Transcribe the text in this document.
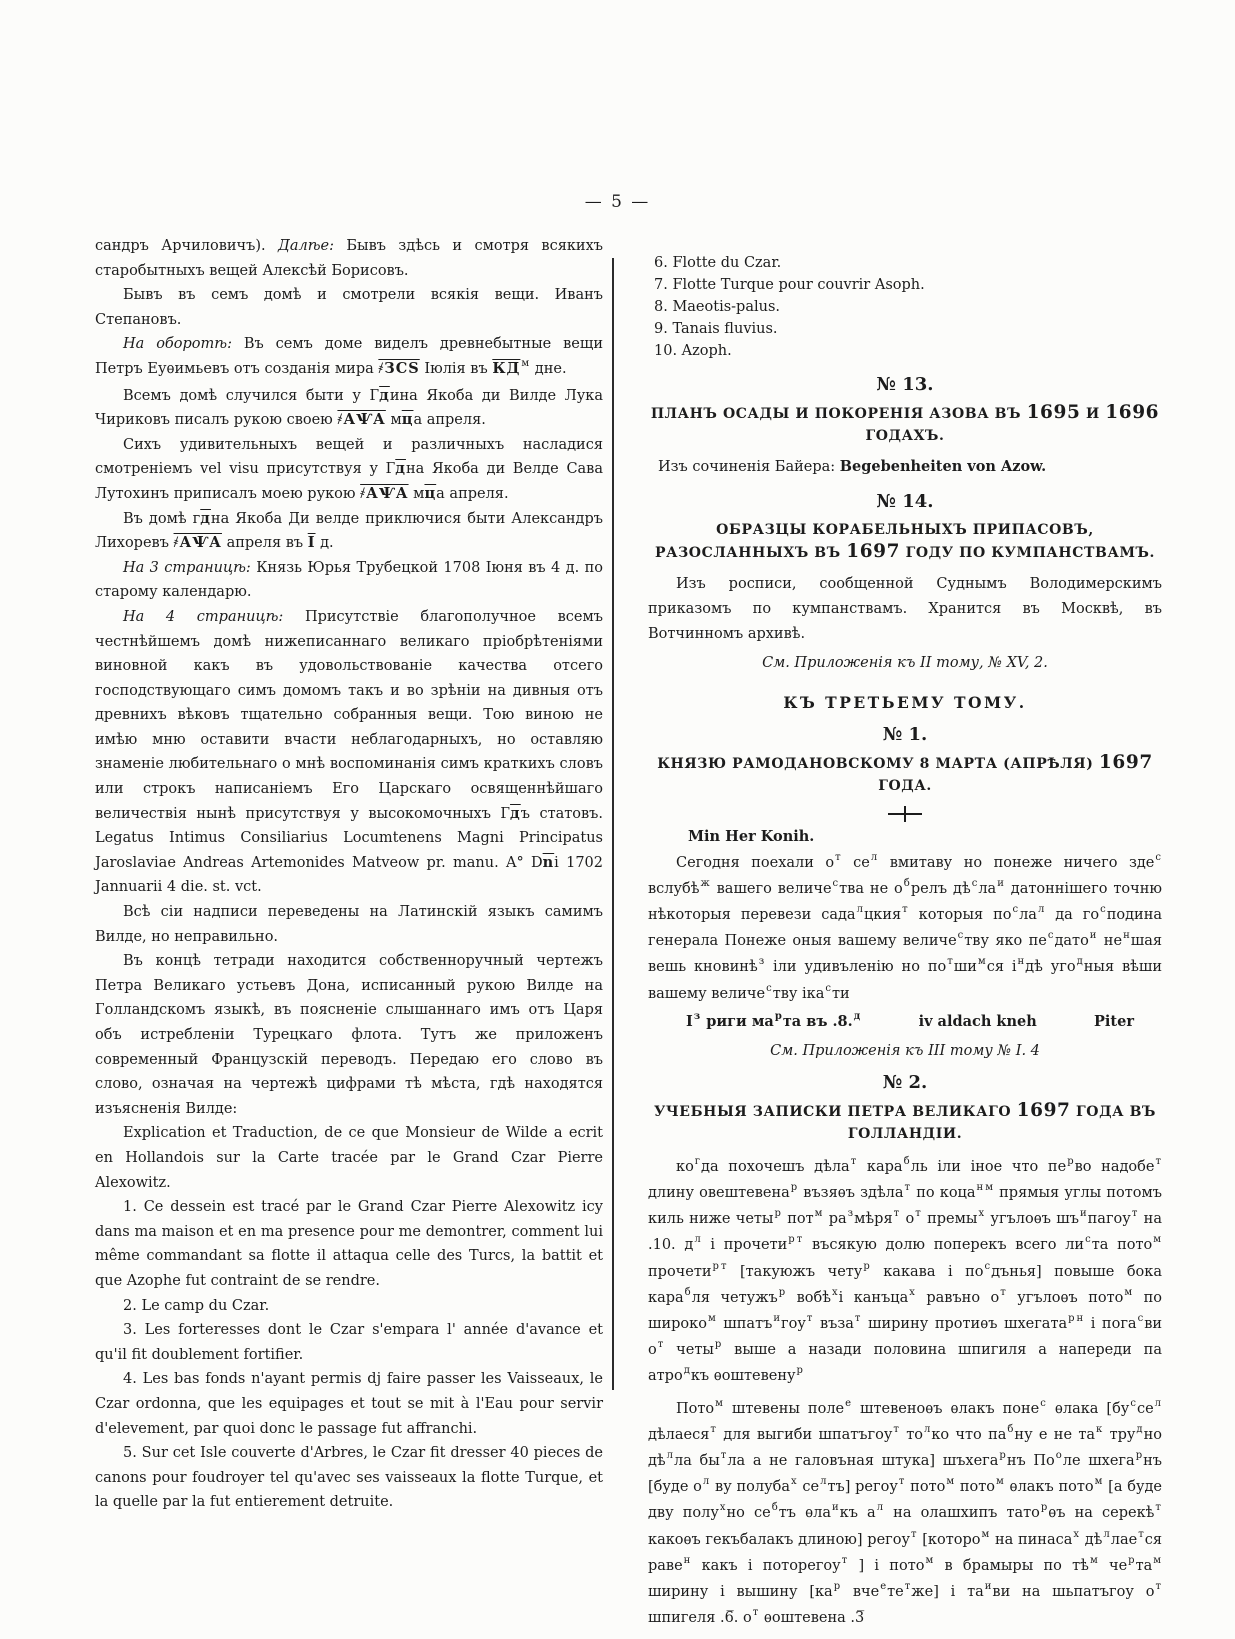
— 5 —

сандръ Арчиловичъ). Далѣе: Бывъ здѣсь и смотря всякихъ старобытныхъ вещей Алексѣй Борисовъ.

Бывъ въ семъ домѣ и смотрели всякія вещи. Иванъ Степановъ.

На оборотѣ: Въ семъ доме виделъ древнебытные вещи Петръ Еуѳимьевъ отъ созданія мира ҂ЗСЅ Іюлія въ $КД^м$ дне.

Всемъ домѣ случился быти у Гдина Якоба ди Вилде Лука Чириковъ писалъ рукою своею ҂АѰА мца апреля.

Сихъ удивительныхъ вещей и различныхъ насладися смотреніемъ vel visu присутствуя у Гдна Якоба ди Велде Сава Лутохинъ приписалъ моею рукою ҂АѰА мца апреля.

Въ домѣ гдна Якоба Ди велде приключися быти Александръ Лихоревъ ҂АѰА апреля въ І д.

На 3 страницѣ: Князь Юрья Трубецкой 1708 Іюня въ 4 д. по старому календарю.

На 4 страницѣ: Присутствіе благополучное всемъ честнѣйшемъ домѣ нижеписаннаго великаго пріобрѣтеніями виновной какъ въ удовольствованіе качества отсего господствующаго симъ домомъ такъ и во зрѣніи на дивныя отъ древнихъ вѣковъ тщательно собранныя вещи. Тою виною не имѣю мню оставити вчасти неблагодарныхъ, но оставляю знаменіе любительнаго о мнѣ воспоминанія симъ краткихъ словъ или строкъ написаніемъ Его Царскаго освященнѣйшаго величествія нынѣ присутствуя у высокомочныхъ Гдъ статовъ. Legatus Intimus Consiliarius Locumtenens Magni Principatus Jaroslaviae Andreas Artemonides Matveow pr. manu. A° $D\overline{n}i$ 1702 Jannuarii 4 die. st. vct.

Всѣ сіи надписи переведены на Латинскій языкъ самимъ Вилде, но неправильно.

Въ концѣ тетради находится собственноручный чертежъ Петра Великаго устьевъ Дона, исписанный рукою Вилде на Голландскомъ языкѣ, въ поясненіе слышаннаго имъ отъ Царя объ истребленіи Турецкаго флота. Тутъ же приложенъ современный Французскій переводъ. Передаю его слово въ слово, означая на чертежѣ цифрами тѣ мѣста, гдѣ находятся изъясненія Вилде:

Explication et Traduction, de ce que Monsieur de Wilde a ecrit en Hollandois sur la Carte tracée par le Grand Czar Pierre Alexowitz.

1. Ce dessein est tracé par le Grand Czar Pierre Alexowitz icy dans ma maison et en ma presence pour me demontrer, comment lui même commandant sa flotte il attaqua celle des Turcs, la battit et que Azophe fut contraint de se rendre.

2. Le camp du Czar.

3. Les forteresses dont le Czar s'empara l' année d'avance et qu'il fit doublement fortifier.

4. Les bas fonds n'ayant permis dj faire passer les Vaisseaux, le Czar ordonna, que les equipages et tout se mit à l'Eau pour servir d'elevement, par quoi donc le passage fut affranchi.

5. Sur cet Isle couverte d'Arbres, le Czar fit dresser 40 pieces de canons pour foudroyer tel qu'avec ses vaisseaux la flotte Turque, et la quelle par la fut entierement detruite.

6. Flotte du Czar.
7. Flotte Turque pour couvrir Asoph.
8. Maeotis-palus.
9. Tanais fluvius.
10. Azoph.
№ 13.
ПЛАНЪ ОСАДЫ И ПОКОРЕНІЯ АЗОВА ВЪ 1695 И 1696 ГОДАХЪ.

Изъ сочиненія Байера: Begebenheiten von Azow.

№ 14.
ОБРАЗЦЫ КОРАБЕЛЬНЫХЪ ПРИПАСОВЪ, РАЗОСЛАННЫХЪ ВЪ 1697 ГОДУ ПО КУМПАНСТВАМЪ.

Изъ росписи, сообщенной Суднымъ Володимерскимъ приказомъ по кумпанствамъ. Хранится въ Москвѣ, въ Вотчинномъ архивѣ.

См. Приложенія къ II тому, № XV, 2.
КЪ ТРЕТЬЕМУ ТОМУ.
№ 1.
КНЯЗЮ РАМОДАНОВСКОМУ 8 МАРТА (АПРѢЛЯ) 1697 ГОДА.
Min Her Konih.

Сегодня поехали $о^т$ $се^л$ вмитаву но понеже ничего зде$^с$ вслубѣ$^ж$ вашего величе$^с$тва не $о^брелъ$ $дѣ^сла^и$ датоннішего точню нѣкоторыя перевези сада$^л$цкия$^т$ которыя $по^сла^л$ да $го^сподина$ генерала Понеже оныя вашему величе$^с$тву яко $пе^сдато^и$ $не^ншая$ вешь кновинѣ$^з$ іли удивъленію но $по^тши^мся$ $і^ндѣ$ уго$^д$ныя вѣши вашему величе$^с$тву іка$^с$ти

$І^з$ риги $ма^рта$ въ .8.$^д$	iv aldach kneh	Piter
См. Приложенія къ III тому № I. 4
№ 2.
УЧЕБНЫЯ ЗАПИСКИ ПЕТРА ВЕЛИКАГО 1697 ГОДА ВЪ ГОЛЛАНДІИ.

$ко^гда$ похочешъ дѣла$^т$ кара$^б$ль іли іное что $пе^рво$ надобе$^т$ длину овештевена$^р$ възяѳъ здѣла$^т$ по коца$^н$ $^м$ прямыя углы потомъ киль ниже четы$^р$ пот$^м$ $ра^змѣря^т$ $о^т$ премы$^х$ угълоѳъ $шъ^ипагоу^т$ на .10. $д^л$ і прочети$^р$ $^т$ въсякую долю поперекъ всего $ли^ста$ пото$^м$ прочети$^р$ $^т$ [такуюжъ чету$^р$ какава і $по^сдънья$] повыше бока кара$^б$ля четужъ$^р$ вобѣ$^х$і канъца$^х$ равъно $о^т$ угълоѳъ пото$^м$ по широко$^м$ шпатъ$^и$гоу$^т$ въза$^т$ ширину протиѳъ шхегата$^р$ $^н$ і пога$^с$ви $о^т$ четы$^р$ выше а назади половина шпигиля а напереди па атро$^д$къ ѳоштевену$^р$

Пото$^м$ штевены поле$^е$ штевеноѳъ ѳлакъ поне$^с$ ѳлака [$бу^ссе^л$ дѣлаеся$^т$ для выгиби шпатъгоу$^т$ $то^лко$ что $па^бну$ е не $та^к$ тру$^д$но $дѣ^лла$ $бы^тла$ а не галовъная штука] шъхега$^р$нъ $По^оле$ шхега$^р$нъ [буде $о^л$ ву полуба$^х$ $се^лтъ$] регоу$^т$ пото$^м$ пото$^м$ ѳлакъ пото$^м$ [а буде дву полу$^х$но $се^бтъ$ ѳла$^и$къ $а^л$ на олашхипъ тато$^р$ѳъ на серекѣ$^т$ какоѳъ гекъбалакъ длиною] регоу$^т$ [которо$^м$ на пинаса$^х$ $дѣ^ллае^тся$ раве$^н$ какъ і поторегоу$^т$ ] і пото$^м$ в брамыры по $тѣ^м$ $че^рта^м$ ширину і вышину [$ка^р$ $вче^ете^тже$] і $та^иви$ на шьпатъгоу $о^т$ шпигеля .6̅. $о^т$ ѳоштевена .3̅
